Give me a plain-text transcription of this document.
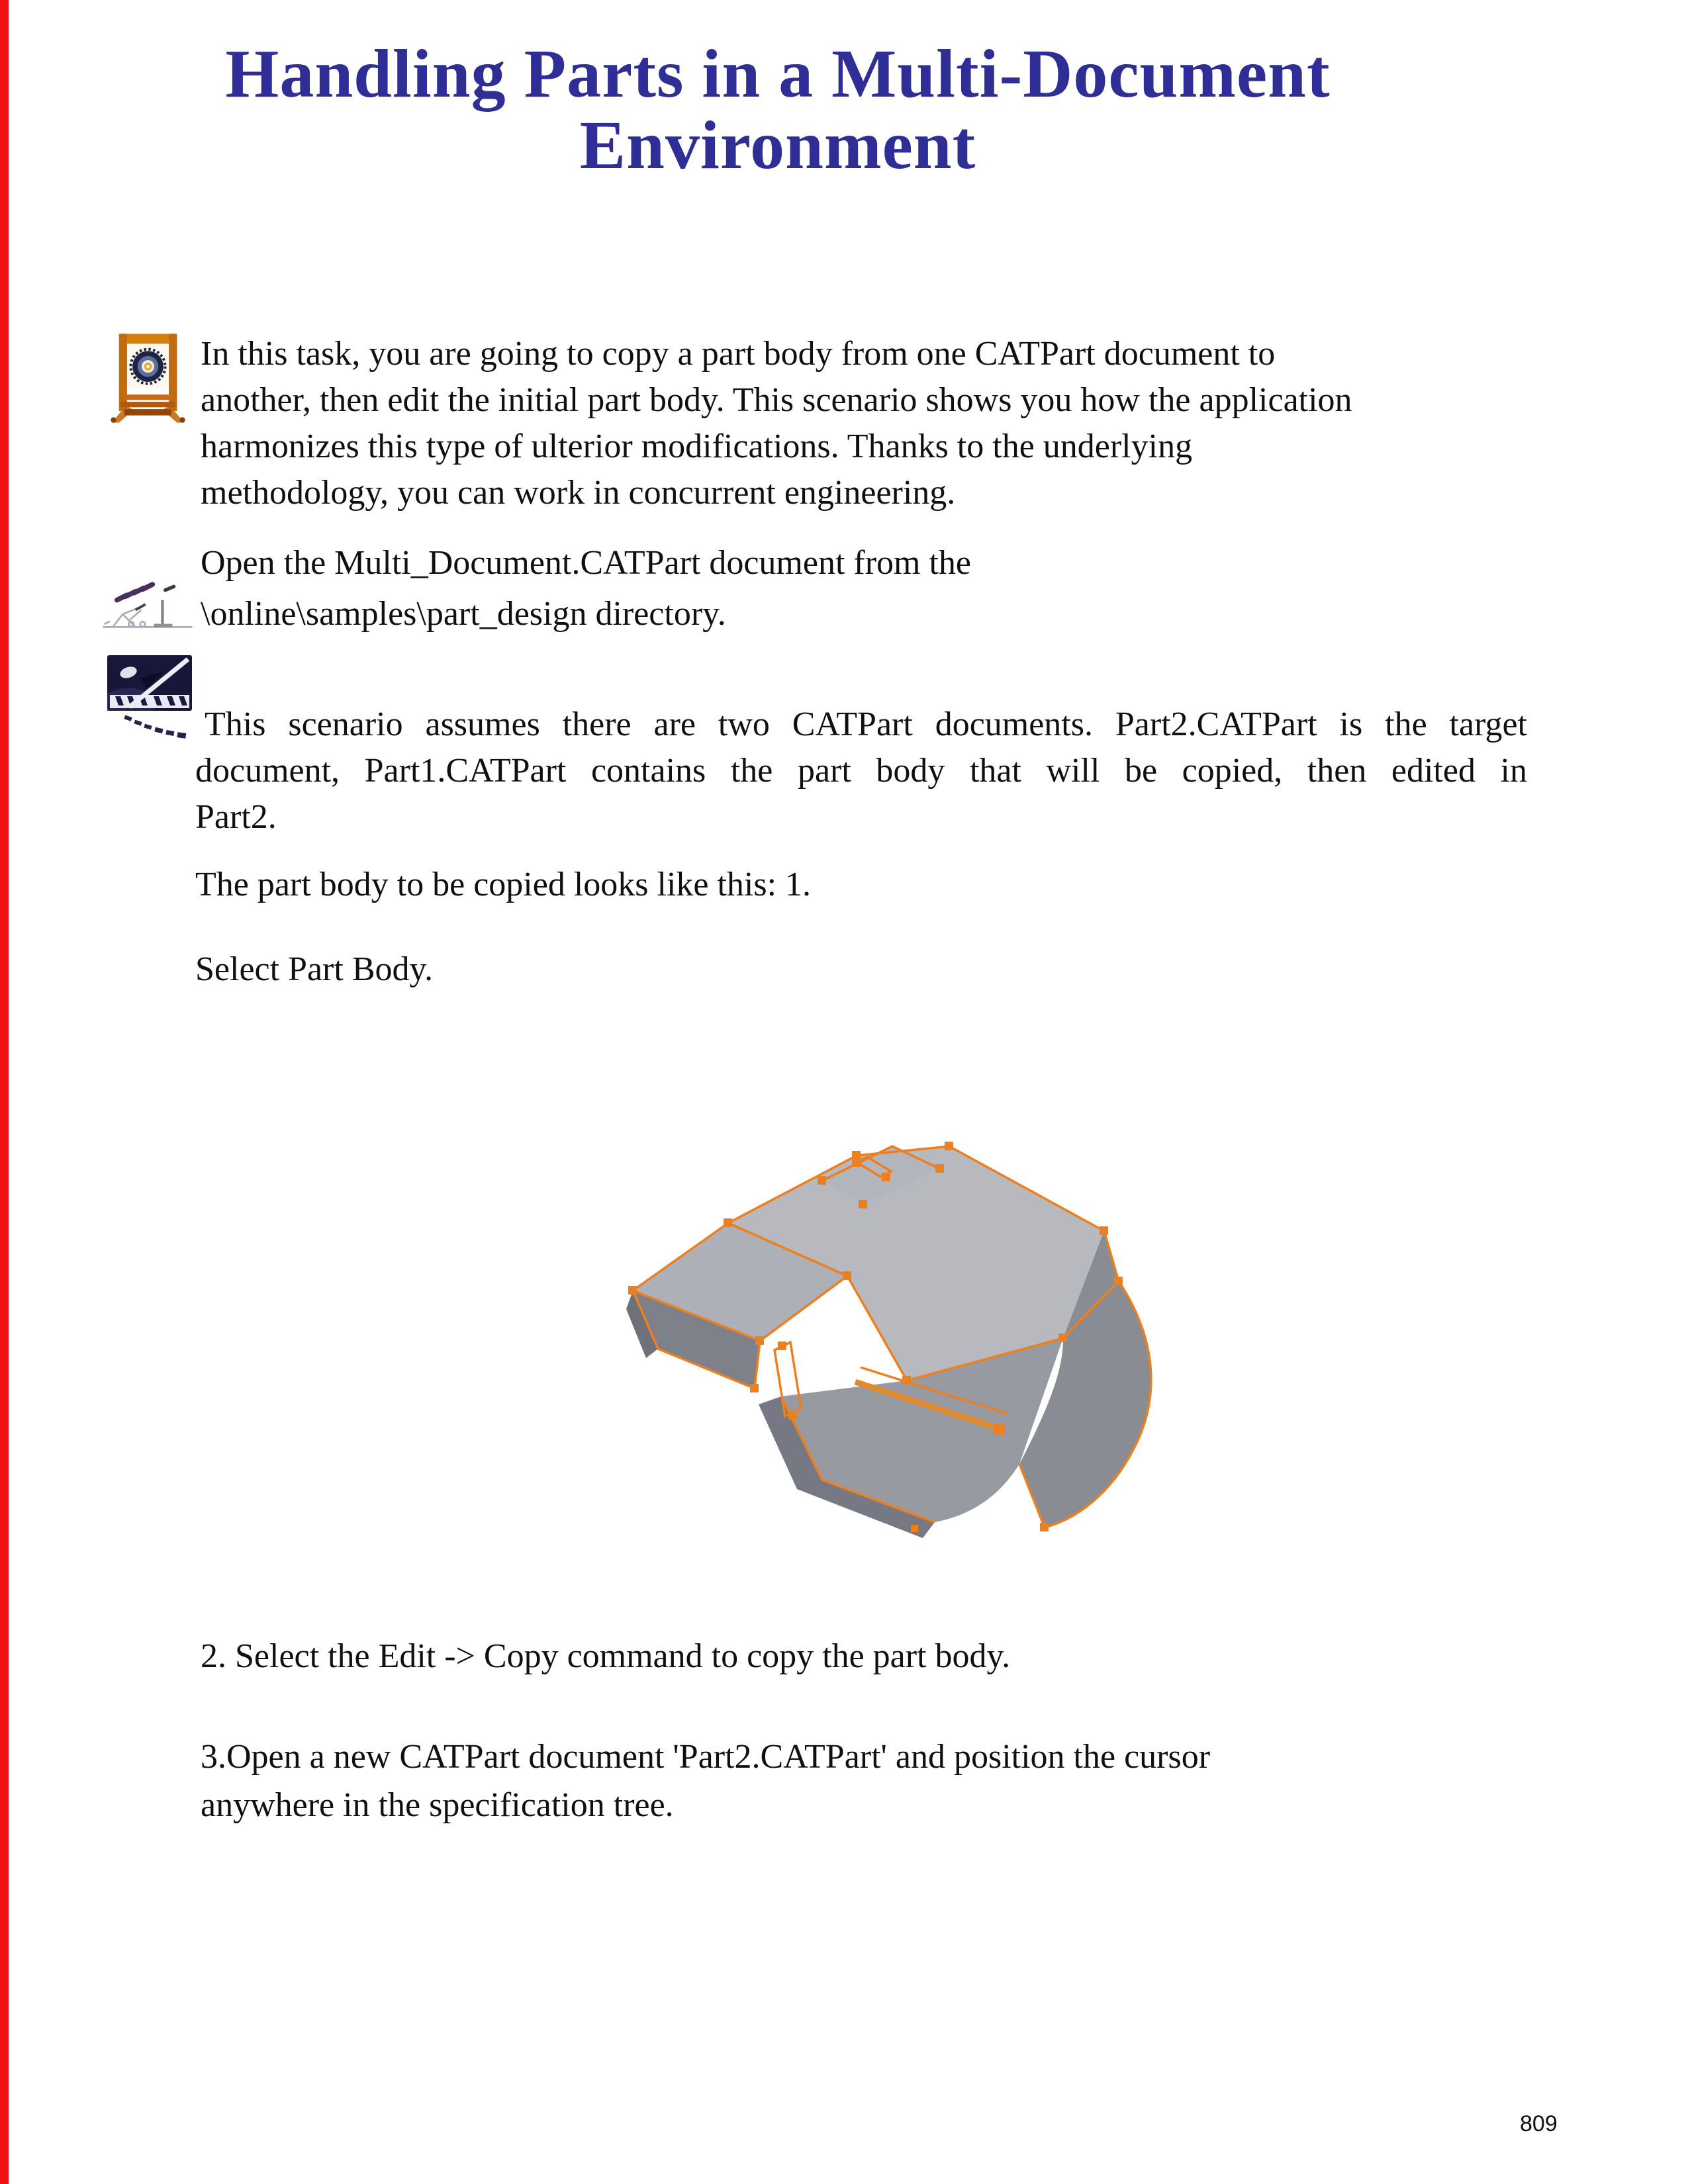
Handling Parts in a Multi-Document
Environment
In this task, you are going to copy a part body from one CATPart document to
another, then edit the initial part body. This scenario shows you how the application
harmonizes this type of ulterior modifications. Thanks to the underlying
methodology, you can work in concurrent engineering.
Open the Multi_Document.CATPart document from the
\online\samples\part_design directory.
This scenario assumes there are two CATPart documents. Part2.CATPart is the target
document, Part1.CATPart contains the part body that will be copied, then edited in
Part2.
The part body to be copied looks like this: 1.
Select Part Body.
2. Select the Edit -> Copy command to copy the part body.
3.Open a new CATPart document 'Part2.CATPart' and position the cursor
anywhere in the specification tree.
809
